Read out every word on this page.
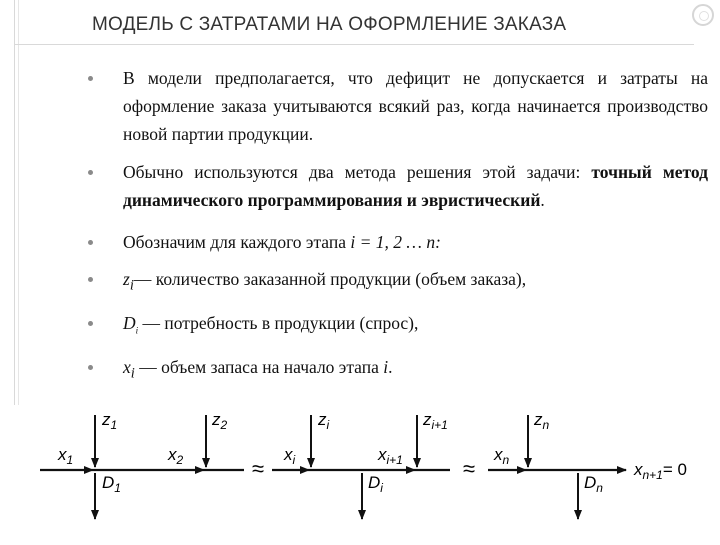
МОДЕЛЬ С ЗАТРАТАМИ НА ОФОРМЛЕНИЕ ЗАКАЗА
В модели предполагается, что дефицит не допускается и затраты на оформление заказа учитываются всякий раз, когда начинается производство новой партии продукции.
Обычно используются два метода решения этой задачи: точный метод динамического программирования и эвристический.
Обозначим для каждого этапа i = 1, 2 … n:
$z_i—$ количество заказанной продукции (объем заказа),
$D_i$ — потребность в продукции (спрос),
$x_i$ — объем запаса на начало этапа i.
≈	≈
$z_1$	$z_2$	$z_i$	$z_{i+1}$	$z_n$
$x_1$	$x_2$	$x_i$	$x_{i+1}$	$x_n$
$D_1$	$D_i$	$D_n$
$x_{n+1}= 0$
